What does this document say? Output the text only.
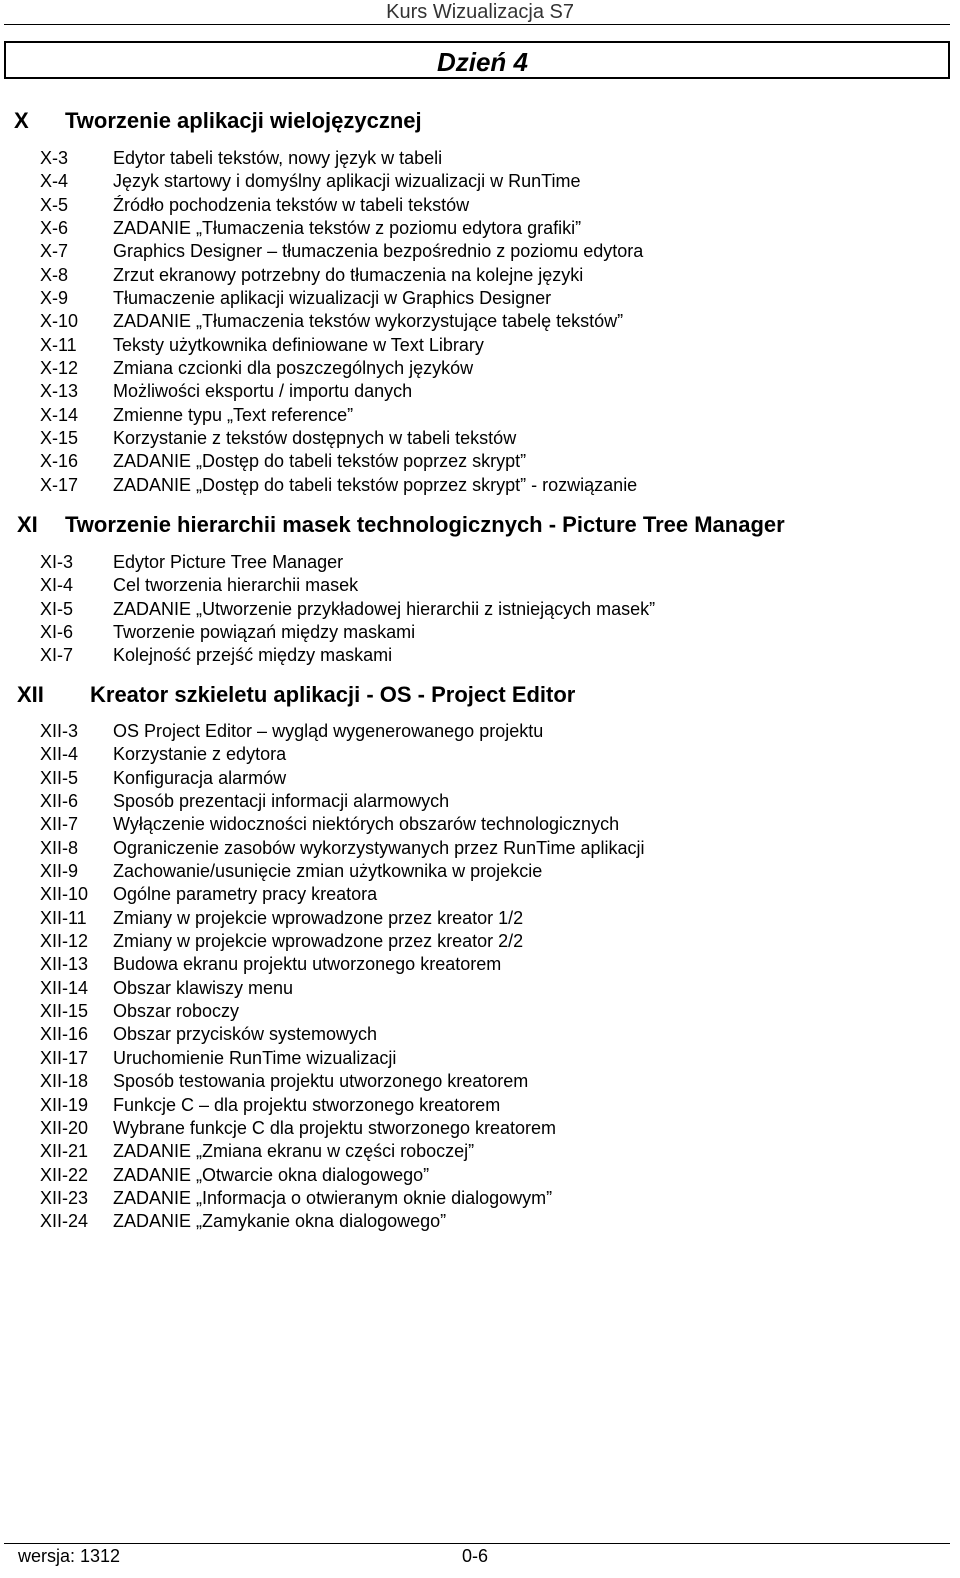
Kurs Wizualizacja S7
Dzień 4
X Tworzenie aplikacji wielojęzycznej
X-3 Edytor tabeli tekstów, nowy język w tabeli
X-4 Język startowy i domyślny aplikacji wizualizacji w RunTime
X-5 Źródło pochodzenia tekstów w tabeli tekstów
X-6 ZADANIE „Tłumaczenia tekstów z poziomu edytora grafiki”
X-7 Graphics Designer – tłumaczenia bezpośrednio z poziomu edytora
X-8 Zrzut ekranowy potrzebny do tłumaczenia na kolejne języki
X-9 Tłumaczenie aplikacji wizualizacji w Graphics Designer
X-10 ZADANIE „Tłumaczenia tekstów wykorzystujące tabelę tekstów”
X-11 Teksty użytkownika definiowane w Text Library
X-12 Zmiana czcionki dla poszczególnych języków
X-13 Możliwości eksportu / importu danych
X-14 Zmienne typu „Text reference”
X-15 Korzystanie z tekstów dostępnych w tabeli tekstów
X-16 ZADANIE „Dostęp do tabeli tekstów poprzez skrypt”
X-17 ZADANIE „Dostęp do tabeli tekstów poprzez skrypt” - rozwiązanie
XI Tworzenie hierarchii masek technologicznych - Picture Tree Manager
XI-3 Edytor Picture Tree Manager
XI-4 Cel tworzenia hierarchii masek
XI-5 ZADANIE „Utworzenie przykładowej hierarchii z istniejących masek”
XI-6 Tworzenie powiązań między maskami
XI-7 Kolejność przejść między maskami
XII Kreator szkieletu aplikacji - OS - Project Editor
XII-3 OS Project Editor – wygląd wygenerowanego projektu
XII-4 Korzystanie z edytora
XII-5 Konfiguracja alarmów
XII-6 Sposób prezentacji informacji alarmowych
XII-7 Wyłączenie widoczności niektórych obszarów technologicznych
XII-8 Ograniczenie zasobów wykorzystywanych przez RunTime aplikacji
XII-9 Zachowanie/usunięcie zmian użytkownika w projekcie
XII-10 Ogólne parametry pracy kreatora
XII-11 Zmiany w projekcie wprowadzone przez kreator 1/2
XII-12 Zmiany w projekcie wprowadzone przez kreator 2/2
XII-13 Budowa ekranu projektu utworzonego kreatorem
XII-14 Obszar klawiszy menu
XII-15 Obszar roboczy
XII-16 Obszar przycisków systemowych
XII-17 Uruchomienie RunTime wizualizacji
XII-18 Sposób testowania projektu utworzonego kreatorem
XII-19 Funkcje C – dla projektu stworzonego kreatorem
XII-20 Wybrane funkcje C dla projektu stworzonego kreatorem
XII-21 ZADANIE „Zmiana ekranu w części roboczej”
XII-22 ZADANIE „Otwarcie okna dialogowego”
XII-23 ZADANIE „Informacja o otwieranym oknie dialogowym”
XII-24 ZADANIE „Zamykanie okna dialogowego”
wersja: 1312	0-6
